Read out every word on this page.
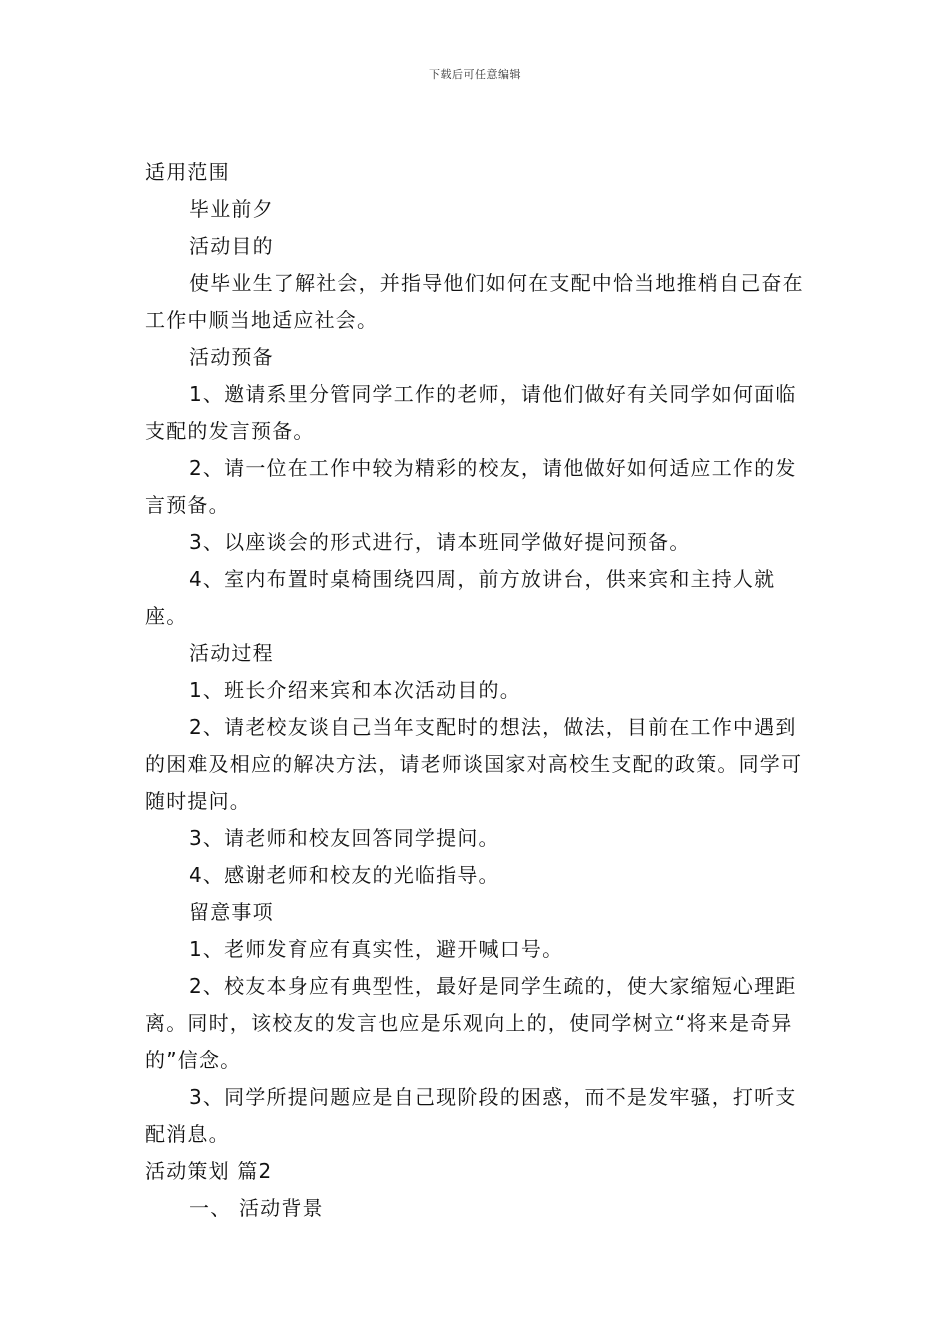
下载后可任意编辑

适用范围

毕业前夕

活动目的

使毕业生了解社会，并指导他们如何在支配中恰当地推梢自己奋在工作中顺当地适应社会。

活动预备

1、邀请系里分管同学工作的老师，请他们做好有关同学如何面临支配的发言预备。

2、请一位在工作中较为精彩的校友，请他做好如何适应工作的发言预备。

3、以座谈会的形式进行，请本班同学做好提问预备。

4、室内布置时桌椅围绕四周，前方放讲台，供来宾和主持人就座。

活动过程

1、班长介绍来宾和本次活动目的。

2、请老校友谈自己当年支配时的想法，做法，目前在工作中遇到的困难及相应的解决方法，请老师谈国家对高校生支配的政策。同学可随时提问。

3、请老师和校友回答同学提问。

4、感谢老师和校友的光临指导。

留意事项

1、老师发育应有真实性，避开喊口号。

2、校友本身应有典型性，最好是同学生疏的，使大家缩短心理距离。同时，该校友的发言也应是乐观向上的，使同学树立“将来是奇异的”信念。

3、同学所提问题应是自己现阶段的困惑，而不是发牢骚，打听支配消息。

活动策划 篇2

一、 活动背景
